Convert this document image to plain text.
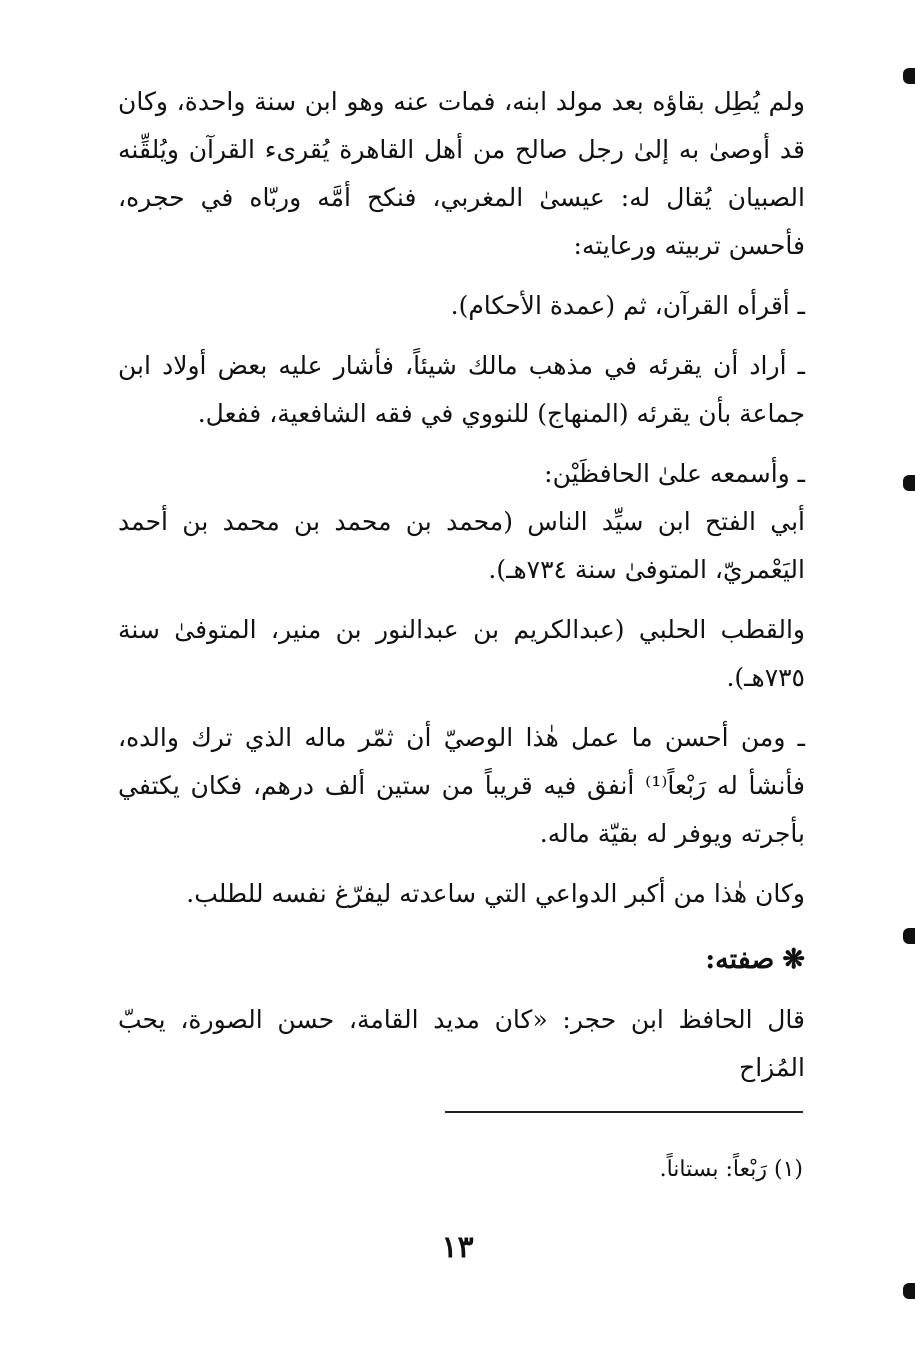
ولم يُطِل بقاؤه بعد مولد ابنه، فمات عنه وهو ابن سنة واحدة، وكان قد أوصىٰ به إلىٰ رجل صالح من أهل القاهرة يُقرىء القرآن ويُلقِّنه الصبيان يُقال له: عيسىٰ المغربي، فنكح أمَّه وربّاه في حجره، فأحسن تربيته ورعايته:

ـ أقرأه القرآن، ثم (عمدة الأحكام).

ـ أراد أن يقرئه في مذهب مالك شيئاً، فأشار عليه بعض أولاد ابن جماعة بأن يقرئه (المنهاج) للنووي في فقه الشافعية، ففعل.

ـ وأسمعه علىٰ الحافظَيْن:

أبي الفتح ابن سيِّد الناس (محمد بن محمد بن محمد بن أحمد اليَعْمريّ، المتوفىٰ سنة ٧٣٤هـ).

والقطب الحلبي (عبدالكريم بن عبدالنور بن منير، المتوفىٰ سنة ٧٣٥هـ).

ـ ومن أحسن ما عمل هٰذا الوصيّ أن ثمّر ماله الذي ترك والده، فأنشأ له رَبْعاً⁽¹⁾ أنفق فيه قريباً من ستين ألف درهم، فكان يكتفي بأجرته ويوفر له بقيّة ماله.

وكان هٰذا من أكبر الدواعي التي ساعدته ليفرّغ نفسه للطلب.

❋صفته:

قال الحافظ ابن حجر: «كان مديد القامة، حسن الصورة، يحبّ المُزاح

(١) رَبْعاً: بستاناً.
١٣
